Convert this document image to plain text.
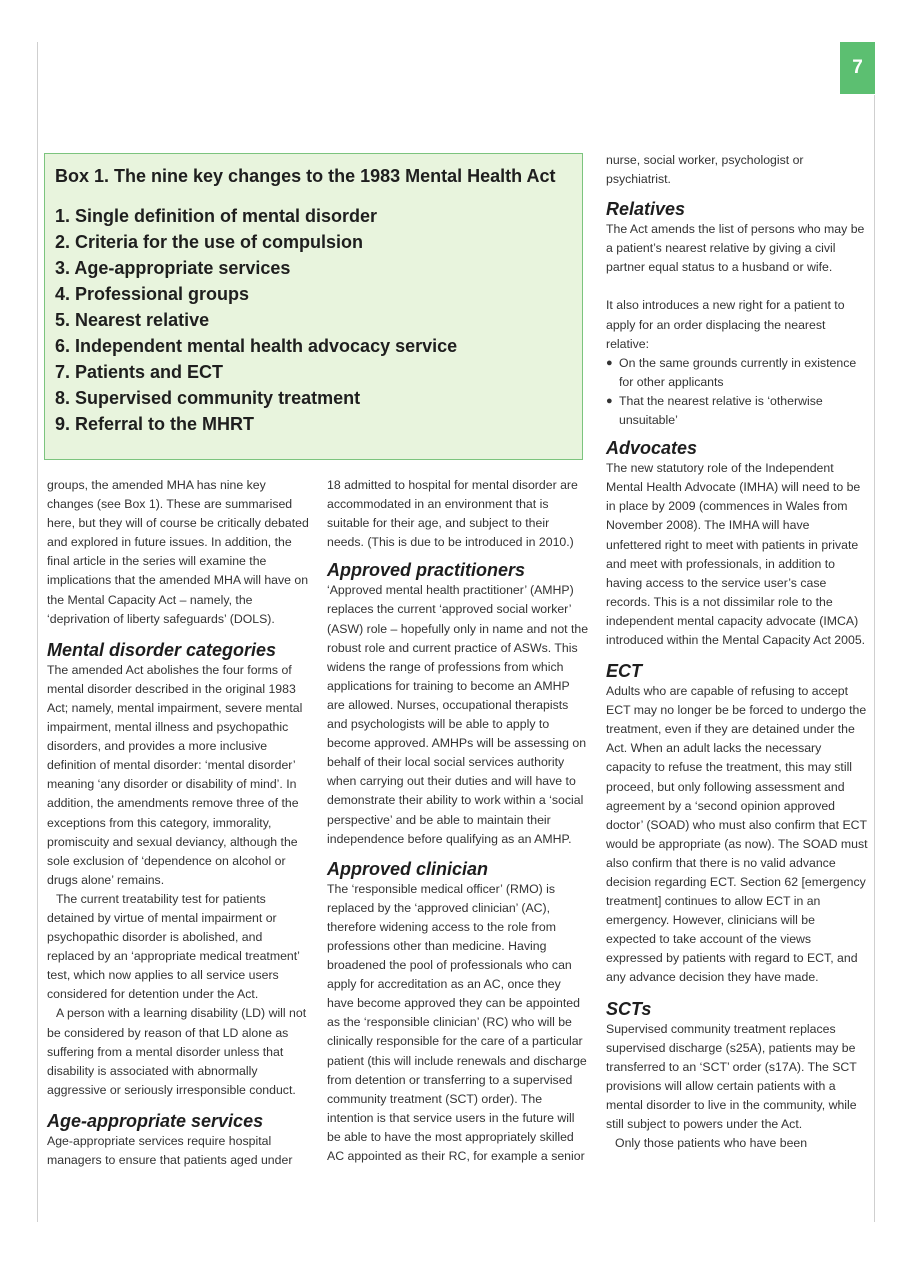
7

Box 1. The nine key changes to the 1983 Mental Health Act

1. Single definition of mental disorder
2. Criteria for the use of compulsion
3. Age-appropriate services
4. Professional groups
5. Nearest relative
6. Independent mental health advocacy service
7. Patients and ECT
8. Supervised community treatment
9. Referral to the MHRT

groups, the amended MHA has nine key changes (see Box 1). These are summarised here, but they will of course be critically debated and explored in future issues. In addition, the final article in the series will examine the implications that the amended MHA will have on the Mental Capacity Act – namely, the ‘deprivation of liberty safeguards’ (DOLS).

Mental disorder categories

The amended Act abolishes the four forms of mental disorder described in the original 1983 Act; namely, mental impairment, severe mental impairment, mental illness and psychopathic disorders, and provides a more inclusive definition of mental disorder: ‘mental disorder’ meaning ‘any disorder or disability of mind’. In addition, the amendments remove three of the exceptions from this category, immorality, promiscuity and sexual deviancy, although the sole exclusion of ‘dependence on alcohol or drugs alone’ remains.

The current treatability test for patients detained by virtue of mental impairment or psychopathic disorder is abolished, and replaced by an ‘appropriate medical treatment’ test, which now applies to all service users considered for detention under the Act.

A person with a learning disability (LD) will not be considered by reason of that LD alone as suffering from a mental disorder unless that disability is associated with abnormally aggressive or seriously irresponsible conduct.

Age-appropriate services

Age-appropriate services require hospital managers to ensure that patients aged under

18 admitted to hospital for mental disorder are accommodated in an environment that is suitable for their age, and subject to their needs. (This is due to be introduced in 2010.)

Approved practitioners

‘Approved mental health practitioner’ (AMHP) replaces the current ‘approved social worker’ (ASW) role – hopefully only in name and not the robust role and current practice of ASWs. This widens the range of professions from which applications for training to become an AMHP are allowed. Nurses, occupational therapists and psychologists will be able to apply to become approved. AMHPs will be assessing on behalf of their local social services authority when carrying out their duties and will have to demonstrate their ability to work within a ‘social perspective’ and be able to maintain their independence before qualifying as an AMHP.

Approved clinician

The ‘responsible medical officer’ (RMO) is replaced by the ‘approved clinician’ (AC), therefore widening access to the role from professions other than medicine. Having broadened the pool of professionals who can apply for accreditation as an AC, once they have become approved they can be appointed as the ‘responsible clinician’ (RC) who will be clinically responsible for the care of a particular patient (this will include renewals and discharge from detention or transferring to a supervised community treatment (SCT) order). The intention is that service users in the future will be able to have the most appropriately skilled AC appointed as their RC, for example a senior

nurse, social worker, psychologist or psychiatrist.

Relatives

The Act amends the list of persons who may be a patient’s nearest relative by giving a civil partner equal status to a husband or wife.

It also introduces a new right for a patient to apply for an order displacing the nearest relative:

● On the same grounds currently in existence for other applicants
● That the nearest relative is ‘otherwise unsuitable’
Advocates

The new statutory role of the Independent Mental Health Advocate (IMHA) will need to be in place by 2009 (commences in Wales from November 2008). The IMHA will have unfettered right to meet with patients in private and meet with professionals, in addition to having access to the service user’s case records. This is a not dissimilar role to the independent mental capacity advocate (IMCA) introduced within the Mental Capacity Act 2005.

ECT

Adults who are capable of refusing to accept ECT may no longer be be forced to undergo the treatment, even if they are detained under the Act. When an adult lacks the necessary capacity to refuse the treatment, this may still proceed, but only following assessment and agreement by a ‘second opinion approved doctor’ (SOAD) who must also confirm that ECT would be appropriate (as now). The SOAD must also confirm that there is no valid advance decision regarding ECT. Section 62 [emergency treatment] continues to allow ECT in an emergency. However, clinicians will be expected to take account of the views expressed by patients with regard to ECT, and any advance decision they have made.

SCTs

Supervised community treatment replaces supervised discharge (s25A), patients may be transferred to an ‘SCT’ order (s17A). The SCT provisions will allow certain patients with a mental disorder to live in the community, while still subject to powers under the Act.

Only those patients who have been
